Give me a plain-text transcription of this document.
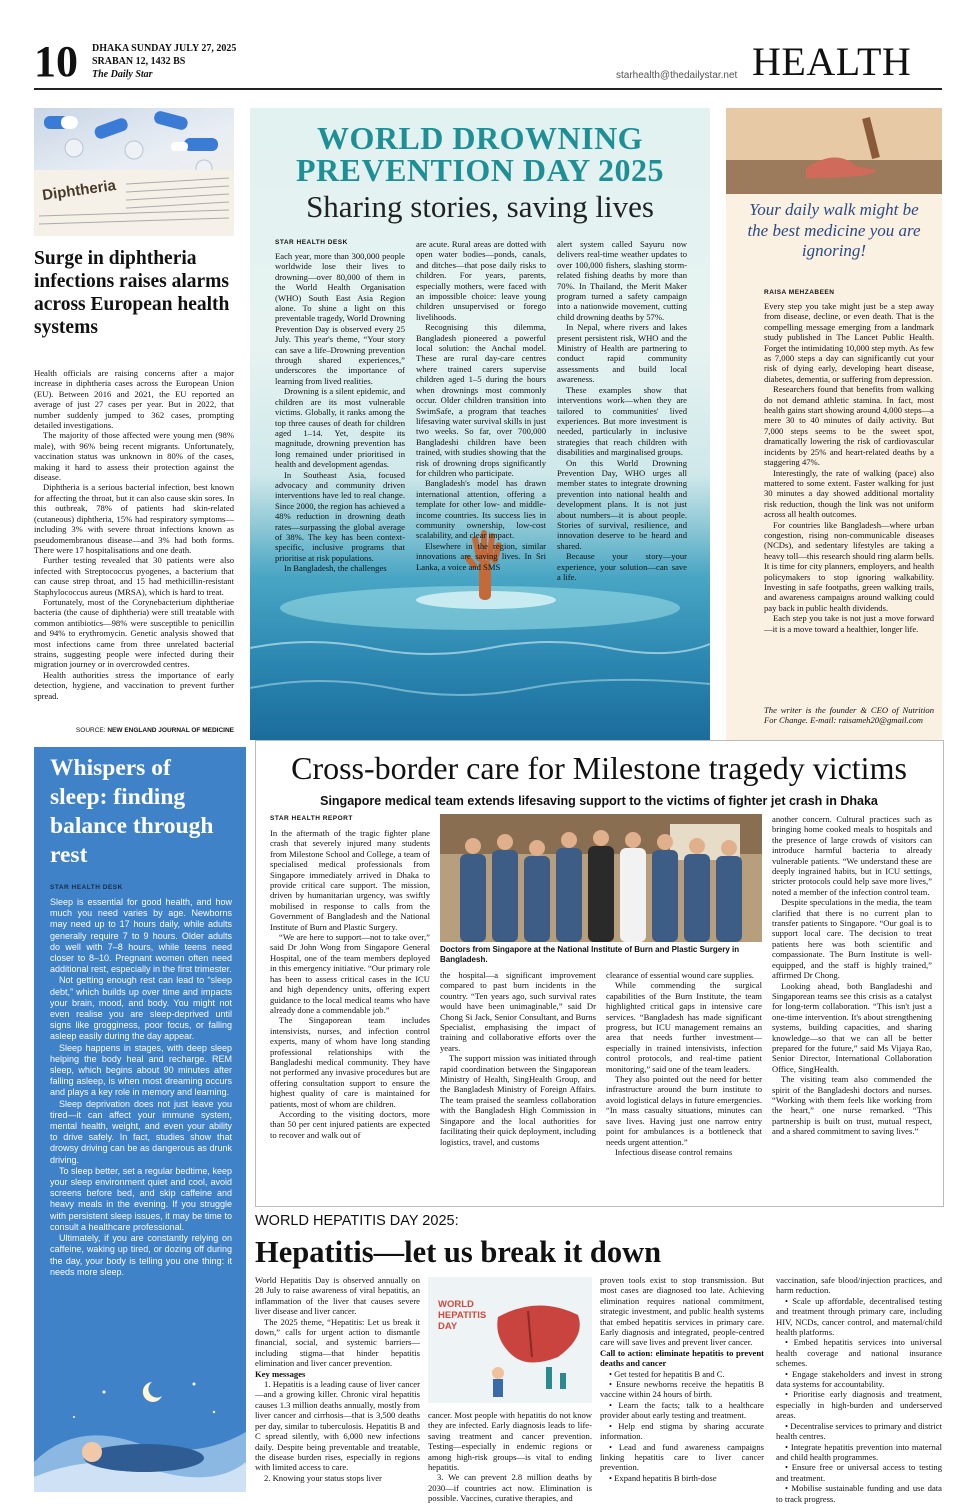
10 DHAKA SUNDAY JULY 27, 2025
SRABAN 12, 1432 BS
The Daily Star	starhealth@thedailystar.net HEALTH
Diphtheria
Surge in diphtheria infections raises alarms across European health systems

Health officials are raising concerns after a major increase in diphtheria cases across the European Union (EU). Between 2016 and 2021, the EU reported an average of just 27 cases per year. But in 2022, that number suddenly jumped to 362 cases, prompting detailed investigations.

The majority of those affected were young men (98% male), with 96% being recent migrants. Unfortunately, vaccination status was unknown in 80% of the cases, making it hard to assess their protection against the disease.

Diphtheria is a serious bacterial infection, best known for affecting the throat, but it can also cause skin sores. In this outbreak, 78% of patients had skin-related (cutaneous) diphtheria, 15% had respiratory symptoms—including 3% with severe throat infections known as pseudomembranous disease—and 3% had both forms. There were 17 hospitalisations and one death.

Further testing revealed that 30 patients were also infected with Streptococcus pyogenes, a bacterium that can cause strep throat, and 15 had methicillin-resistant Staphylococcus aureus (MRSA), which is hard to treat.

Fortunately, most of the Corynebacterium diphtheriae bacteria (the cause of diphtheria) were still treatable with common antibiotics—98% were susceptible to penicillin and 94% to erythromycin. Genetic analysis showed that most infections came from three unrelated bacterial strains, suggesting people were infected during their migration journey or in overcrowded centres.

Health authorities stress the importance of early detection, hygiene, and vaccination to prevent further spread.

SOURCE: NEW ENGLAND JOURNAL OF MEDICINE
WORLD DROWNING PREVENTION DAY 2025
Sharing stories, saving lives
STAR HEALTH DESK

Each year, more than 300,000 people worldwide lose their lives to drowning—over 80,000 of them in the World Health Organisation (WHO) South East Asia Region alone. To shine a light on this preventable tragedy, World Drowning Prevention Day is observed every 25 July. This year's theme, “Your story can save a life–Drowning prevention through shared experiences,” underscores the importance of learning from lived realities.

Drowning is a silent epidemic, and children are its most vulnerable victims. Globally, it ranks among the top three causes of death for children aged 1–14. Yet, despite its magnitude, drowning prevention has long remained under prioritised in health and development agendas.

In Southeast Asia, focused advocacy and community driven interventions have led to real change. Since 2000, the region has achieved a 48% reduction in drowning death rates—surpassing the global average of 38%. The key has been context-specific, inclusive programs that prioritise at risk populations.

In Bangladesh, the challenges

are acute. Rural areas are dotted with open water bodies—ponds, canals, and ditches—that pose daily risks to children. For years, parents, especially mothers, were faced with an impossible choice: leave young children unsupervised or forego livelihoods.

Recognising this dilemma, Bangladesh pioneered a powerful local solution: the Anchal model. These are rural day-care centres where trained carers supervise children aged 1–5 during the hours when drownings most commonly occur. Older children transition into SwimSafe, a program that teaches lifesaving water survival skills in just two weeks. So far, over 700,000 Bangladeshi children have been trained, with studies showing that the risk of drowning drops significantly for children who participate.

Bangladesh's model has drawn international attention, offering a template for other low- and middle-income countries. Its success lies in community ownership, low-cost scalability, and clear impact.

Elsewhere in the region, similar innovations are saving lives. In Sri Lanka, a voice and SMS

alert system called Sayuru now delivers real-time weather updates to over 100,000 fishers, slashing storm-related fishing deaths by more than 70%. In Thailand, the Merit Maker program turned a safety campaign into a nationwide movement, cutting child drowning deaths by 57%.

In Nepal, where rivers and lakes present persistent risk, WHO and the Ministry of Health are partnering to conduct rapid community assessments and build local awareness.

These examples show that interventions work—when they are tailored to communities' lived experiences. But more investment is needed, particularly in inclusive strategies that reach children with disabilities and marginalised groups.

On this World Drowning Prevention Day, WHO urges all member states to integrate drowning prevention into national health and development plans. It is not just about numbers—it is about people. Stories of survival, resilience, and innovation deserve to be heard and shared.

Because your story—your experience, your solution—can save a life.

Your daily walk might be the best medicine you are ignoring!
RAISA MEHZABEEN

Every step you take might just be a step away from disease, decline, or even death. That is the compelling message emerging from a landmark study published in The Lancet Public Health. Forget the intimidating 10,000 step myth. As few as 7,000 steps a day can significantly cut your risk of dying early, developing heart disease, diabetes, dementia, or suffering from depression.

Researchers found that benefits from walking do not demand athletic stamina. In fact, most health gains start showing around 4,000 steps—a mere 30 to 40 minutes of daily activity. But 7,000 steps seems to be the sweet spot, dramatically lowering the risk of cardiovascular incidents by 25% and heart-related deaths by a staggering 47%.

Interestingly, the rate of walking (pace) also mattered to some extent. Faster walking for just 30 minutes a day showed additional mortality risk reduction, though the link was not uniform across all health outcomes.

For countries like Bangladesh—where urban congestion, rising non-communicable diseases (NCDs), and sedentary lifestyles are taking a heavy toll—this research should ring alarm bells. It is time for city planners, employers, and health policymakers to stop ignoring walkability. Investing in safe footpaths, green walking trails, and awareness campaigns around walking could pay back in public health dividends.

Each step you take is not just a move forward—it is a move toward a healthier, longer life.

The writer is the founder & CEO of Nutrition For Change. E-mail: raisameh20@gmail.com
Whispers of sleep: finding balance through rest
STAR HEALTH DESK

Sleep is essential for good health, and how much you need varies by age. Newborns may need up to 17 hours daily, while adults generally require 7 to 9 hours. Older adults do well with 7–8 hours, while teens need closer to 8–10. Pregnant women often need additional rest, especially in the first trimester.

Not getting enough rest can lead to “sleep debt,” which builds up over time and impacts your brain, mood, and body. You might not even realise you are sleep-deprived until signs like grogginess, poor focus, or falling asleep easily during the day appear.

Sleep happens in stages, with deep sleep helping the body heal and recharge. REM sleep, which begins about 90 minutes after falling asleep, is when most dreaming occurs and plays a key role in memory and learning.

Sleep deprivation does not just leave you tired—it can affect your immune system, mental health, weight, and even your ability to drive safely. In fact, studies show that drowsy driving can be as dangerous as drunk driving.

To sleep better, set a regular bedtime, keep your sleep environment quiet and cool, avoid screens before bed, and skip caffeine and heavy meals in the evening. If you struggle with persistent sleep issues, it may be time to consult a healthcare professional.

Ultimately, if you are constantly relying on caffeine, waking up tired, or dozing off during the day, your body is telling you one thing: it needs more sleep.

Cross-border care for Milestone tragedy victims
Singapore medical team extends lifesaving support to the victims of fighter jet crash in Dhaka
STAR HEALTH REPORT

In the aftermath of the tragic fighter plane crash that severely injured many students from Milestone School and College, a team of specialised medical professionals from Singapore immediately arrived in Dhaka to provide critical care support. The mission, driven by humanitarian urgency, was swiftly mobilised in response to calls from the Government of Bangladesh and the National Institute of Burn and Plastic Surgery.

“We are here to support—not to take over,” said Dr John Wong from Singapore General Hospital, one of the team members deployed in this emergency initiative. “Our primary role has been to assess critical cases in the ICU and high dependency units, offering expert guidance to the local medical teams who have already done a commendable job.”

The Singaporean team includes intensivists, nurses, and infection control experts, many of whom have long standing professional relationships with the Bangladeshi medical community. They have not performed any invasive procedures but are offering consultation support to ensure the highest quality of care is maintained for patients, most of whom are children.

According to the visiting doctors, more than 50 per cent injured patients are expected to recover and walk out of

Doctors from Singapore at the National Institute of Burn and Plastic Surgery in Bangladesh.

the hospital—a significant improvement compared to past burn incidents in the country. “Ten years ago, such survival rates would have been unimaginable,” said Dr Chong Si Jack, Senior Consultant, and Burns Specialist, emphasising the impact of training and collaborative efforts over the years.

The support mission was initiated through rapid coordination between the Singaporean Ministry of Health, SingHealth Group, and the Bangladesh Ministry of Foreign Affairs. The team praised the seamless collaboration with the Bangladesh High Commission in Singapore and the local authorities for facilitating their quick deployment, including logistics, travel, and customs

clearance of essential wound care supplies.

While commending the surgical capabilities of the Burn Institute, the team highlighted critical gaps in intensive care services. “Bangladesh has made significant progress, but ICU management remains an area that needs further investment—especially in trained intensivists, infection control protocols, and real-time patient monitoring,” said one of the team leaders.

They also pointed out the need for better infrastructure around the burn institute to avoid logistical delays in future emergencies. “In mass casualty situations, minutes can save lives. Having just one narrow entry point for ambulances is a bottleneck that needs urgent attention.”

Infectious disease control remains

another concern. Cultural practices such as bringing home cooked meals to hospitals and the presence of large crowds of visitors can introduce harmful bacteria to already vulnerable patients. “We understand these are deeply ingrained habits, but in ICU settings, stricter protocols could help save more lives,” noted a member of the infection control team.

Despite speculations in the media, the team clarified that there is no current plan to transfer patients to Singapore. “Our goal is to support local care. The decision to treat patients here was both scientific and compassionate. The Burn Institute is well-equipped, and the staff is highly trained,” affirmed Dr Chong.

Looking ahead, both Bangladeshi and Singaporean teams see this crisis as a catalyst for long-term collaboration. “This isn't just a one-time intervention. It's about strengthening systems, building capacities, and sharing knowledge—so that we can all be better prepared for the future,” said Ms Vijaya Rao, Senior Director, International Collaboration Office, SingHealth.

The visiting team also commended the spirit of the Bangladeshi doctors and nurses. “Working with them feels like working from the heart,” one nurse remarked. “This partnership is built on trust, mutual respect, and a shared commitment to saving lives.”

WORLD HEPATITIS DAY 2025:
Hepatitis—let us break it down

World Hepatitis Day is observed annually on 28 July to raise awareness of viral hepatitis, an inflammation of the liver that causes severe liver disease and liver cancer.

The 2025 theme, “Hepatitis: Let us break it down,” calls for urgent action to dismantle financial, social, and systemic barriers—including stigma—that hinder hepatitis elimination and liver cancer prevention.

Key messages

1. Hepatitis is a leading cause of liver cancer—and a growing killer. Chronic viral hepatitis causes 1.3 million deaths annually, mostly from liver cancer and cirrhosis—that is 3,500 deaths per day, similar to tuberculosis. Hepatitis B and C spread silently, with 6,000 new infections daily. Despite being preventable and treatable, the disease burden rises, especially in regions with limited access to care.

2. Knowing your status stops liver

WORLD HEPATITIS DAY

cancer. Most people with hepatitis do not know they are infected. Early diagnosis leads to life-saving treatment and cancer prevention. Testing—especially in endemic regions or among high-risk groups—is vital to ending hepatitis.

3. We can prevent 2.8 million deaths by 2030—if countries act now. Elimination is possible. Vaccines, curative therapies, and

proven tools exist to stop transmission. But most cases are diagnosed too late. Achieving elimination requires national commitment, strategic investment, and public health systems that embed hepatitis services in primary care. Early diagnosis and integrated, people-centred care will save lives and prevent liver cancer.

Call to action: eliminate hepatitis to prevent deaths and cancer

• Get tested for hepatitis B and C.
• Ensure newborns receive the hepatitis B vaccine within 24 hours of birth.
• Learn the facts; talk to a healthcare provider about early testing and treatment.
• Help end stigma by sharing accurate information.
• Lead and fund awareness campaigns linking hepatitis care to liver cancer prevention.
• Expand hepatitis B birth-dose

vaccination, safe blood/injection practices, and harm reduction.

• Scale up affordable, decentralised testing and treatment through primary care, including HIV, NCDs, cancer control, and maternal/child health platforms.

• Embed hepatitis services into universal health coverage and national insurance schemes.

• Engage stakeholders and invest in strong data systems for accountability.

• Prioritise early diagnosis and treatment, especially in high-burden and underserved areas.

• Decentralise services to primary and district health centres.

• Integrate hepatitis prevention into maternal and child health programmes.

• Ensure free or universal access to testing and treatment.

• Mobilise sustainable funding and use data to track progress.
